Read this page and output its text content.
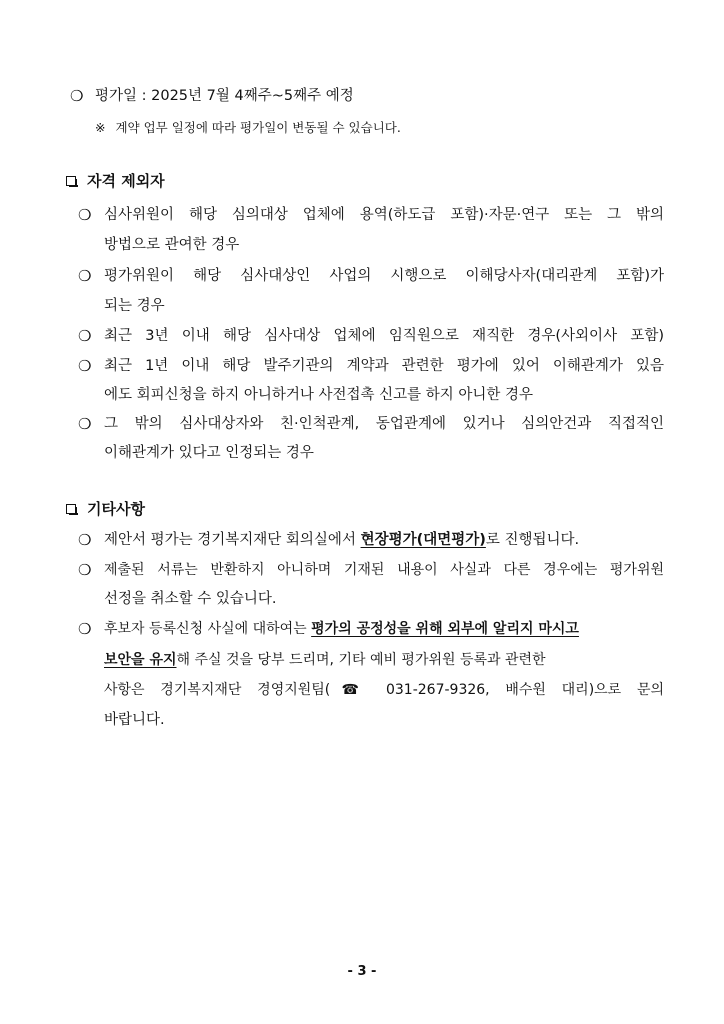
❍ 평가일 : 2025년 7월 4째주~5째주 예정
※ 계약 업무 일정에 따라 평가일이 변동될 수 있습니다.
자격 제외자
❍ 심사위원이 해당 심의대상 업체에 용역(하도급 포함)·자문·연구 또는 그 밖의
방법으로 관여한 경우
❍ 평가위원이 해당 심사대상인 사업의 시행으로 이해당사자(대리관계 포함)가
되는 경우
❍ 최근 3년 이내 해당 심사대상 업체에 임직원으로 재직한 경우(사외이사 포함)
❍ 최근 1년 이내 해당 발주기관의 계약과 관련한 평가에 있어 이해관계가 있음
에도 회피신청을 하지 아니하거나 사전접촉 신고를 하지 아니한 경우
❍ 그 밖의 심사대상자와 친·인척관계, 동업관계에 있거나 심의안건과 직접적인
이해관계가 있다고 인정되는 경우
기타사항
❍ 제안서 평가는 경기복지재단 회의실에서 현장평가(대면평가)로 진행됩니다.
❍ 제출된 서류는 반환하지 아니하며 기재된 내용이 사실과 다른 경우에는 평가위원
선정을 취소할 수 있습니다.
❍ 후보자 등록신청 사실에 대하여는 평가의 공정성을 위해 외부에 알리지 마시고
보안을 유지해 주실 것을 당부 드리며, 기타 예비 평가위원 등록과 관련한
사항은 경기복지재단 경영지원팀(☎ 031-267-9326, 배수원 대리)으로 문의
바랍니다.
- 3 -
